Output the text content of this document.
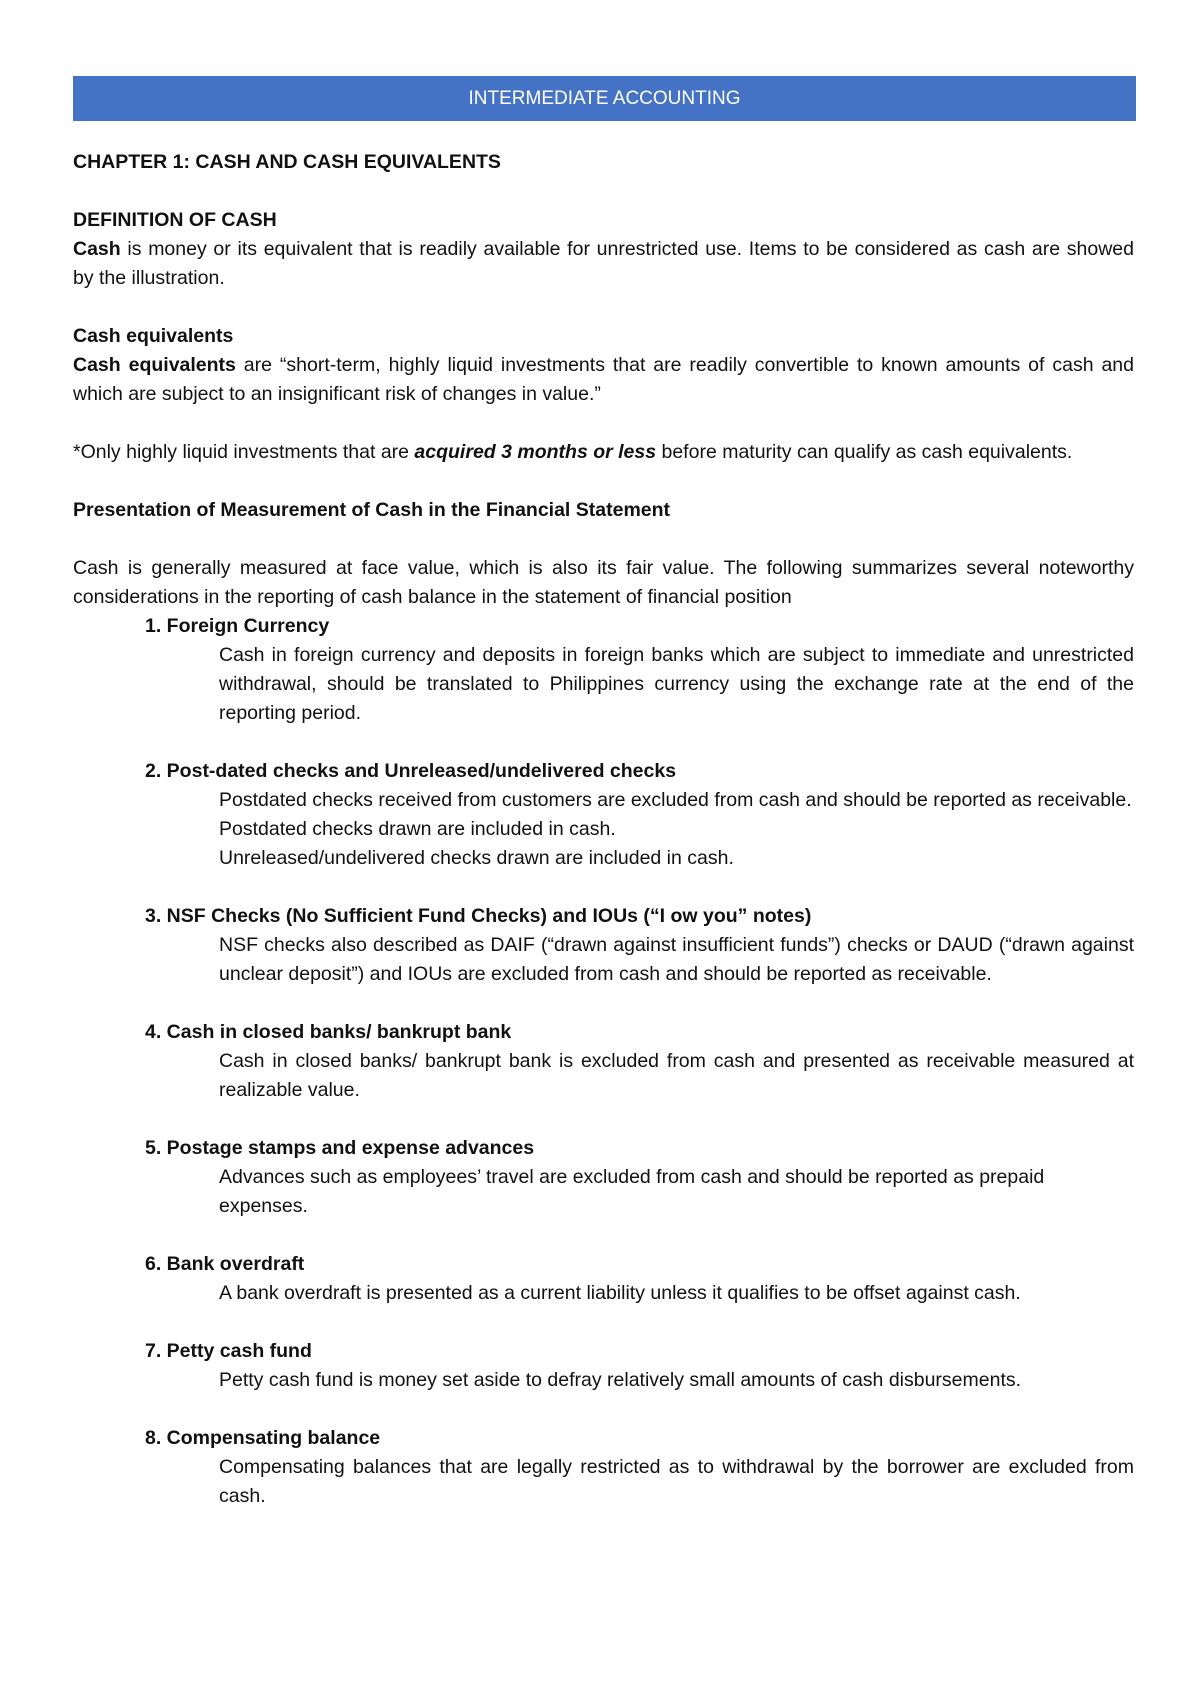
INTERMEDIATE ACCOUNTING

CHAPTER 1: CASH AND CASH EQUIVALENTS

DEFINITION OF CASH

Cash is money or its equivalent that is readily available for unrestricted use. Items to be considered as cash are showed by the illustration.

Cash equivalents

Cash equivalents are “short-term, highly liquid investments that are readily convertible to known amounts of cash and which are subject to an insignificant risk of changes in value.”

*Only highly liquid investments that are acquired 3 months or less before maturity can qualify as cash equivalents.

Presentation of Measurement of Cash in the Financial Statement

Cash is generally measured at face value, which is also its fair value. The following summarizes several noteworthy considerations in the reporting of cash balance in the statement of financial position

1. Foreign Currency

Cash in foreign currency and deposits in foreign banks which are subject to immediate and unrestricted withdrawal, should be translated to Philippines currency using the exchange rate at the end of the reporting period.

2. Post-dated checks and Unreleased/undelivered checks

Postdated checks received from customers are excluded from cash and should be reported as receivable.

Postdated checks drawn are included in cash.

Unreleased/undelivered checks drawn are included in cash.

3. NSF Checks (No Sufficient Fund Checks) and IOUs (“I ow you” notes)

NSF checks also described as DAIF (“drawn against insufficient funds”) checks or DAUD (“drawn against unclear deposit”) and IOUs are excluded from cash and should be reported as receivable.

4. Cash in closed banks/ bankrupt bank

Cash in closed banks/ bankrupt bank is excluded from cash and presented as receivable measured at realizable value.

5. Postage stamps and expense advances

Advances such as employees’ travel are excluded from cash and should be reported as prepaid expenses.

6. Bank overdraft

A bank overdraft is presented as a current liability unless it qualifies to be offset against cash.

7. Petty cash fund

Petty cash fund is money set aside to defray relatively small amounts of cash disbursements.

8. Compensating balance

Compensating balances that are legally restricted as to withdrawal by the borrower are excluded from cash.
